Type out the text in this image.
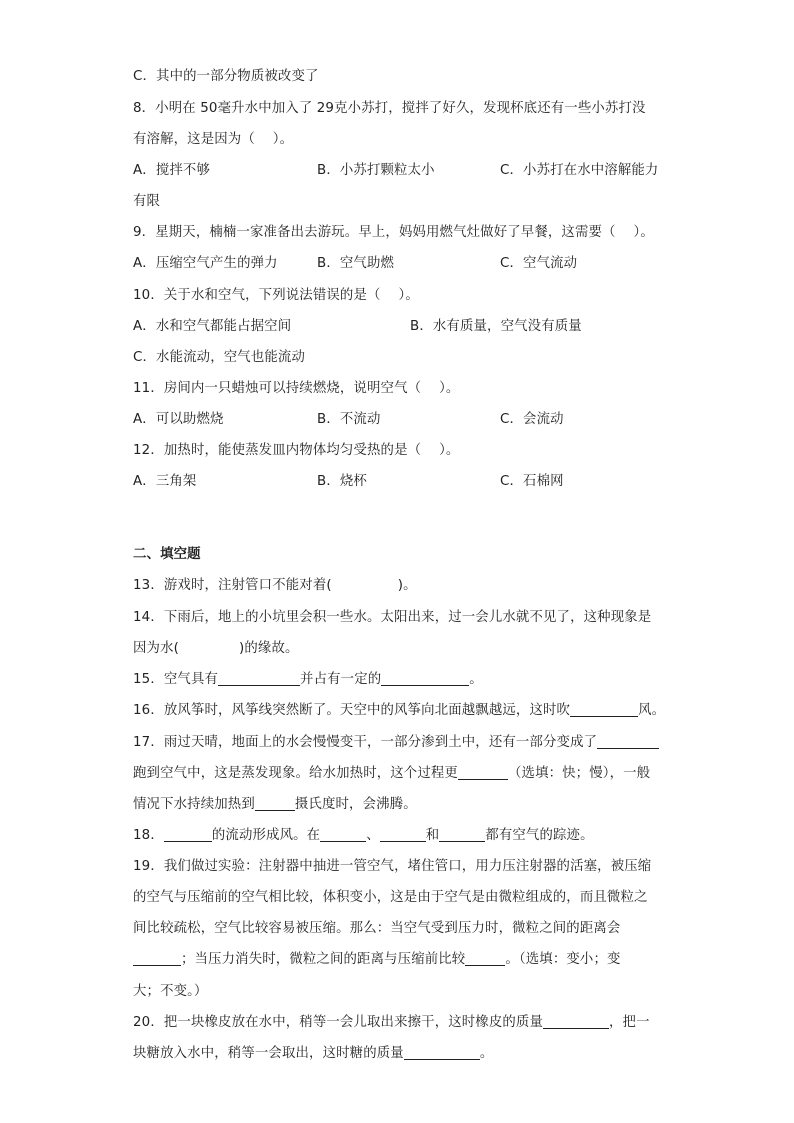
C．其中的一部分物质被改变了
8．小明在 50毫升水中加入了 29克小苏打，搅拌了好久，发现杯底还有一些小苏打没
有溶解，这是因为（　 ）。
A．搅拌不够	B．小苏打颗粒太小	C．小苏打在水中溶解能力
有限
9．星期天，楠楠一家准备出去游玩。早上，妈妈用燃气灶做好了早餐，这需要（　 ）。
A．压缩空气产生的弹力	B．空气助燃	C．空气流动
10．关于水和空气，下列说法错误的是（　 ）。
A．水和空气都能占据空间	B．水有质量，空气没有质量
C．水能流动，空气也能流动
11．房间内一只蜡烛可以持续燃烧，说明空气（　 ）。
A．可以助燃烧	B．不流动	C．会流动
12．加热时，能使蒸发皿内物体均匀受热的是（　 ）。
A．三角架	B．烧杯	C．石棉网
二、填空题
13．游戏时，注射管口不能对着(	)。
14．下雨后，地上的小坑里会积一些水。太阳出来，过一会儿水就不见了，这种现象是
因为水(	)的缘故。
15．空气具有	并占有一定的	。
16．放风筝时，风筝线突然断了。天空中的风筝向北面越飘越远，这时吹	风。
17．雨过天晴，地面上的水会慢慢变干，一部分渗到土中，还有一部分变成了
跑到空气中，这是蒸发现象。给水加热时，这个过程更	（选填：快；慢），一般
情况下水持续加热到	摄氏度时，会沸腾。
18．	的流动形成风。在	、	和	都有空气的踪迹。
19．我们做过实验：注射器中抽进一管空气，堵住管口，用力压注射器的活塞，被压缩
的空气与压缩前的空气相比较，体积变小，这是由于空气是由微粒组成的，而且微粒之
间比较疏松，空气比较容易被压缩。那么：当空气受到压力时，微粒之间的距离会
；当压力消失时，微粒之间的距离与压缩前比较	。（选填：变小；变
大；不变。）
20．把一块橡皮放在水中，稍等一会儿取出来擦干，这时橡皮的质量	，把一
块糖放入水中，稍等一会取出，这时糖的质量	。
